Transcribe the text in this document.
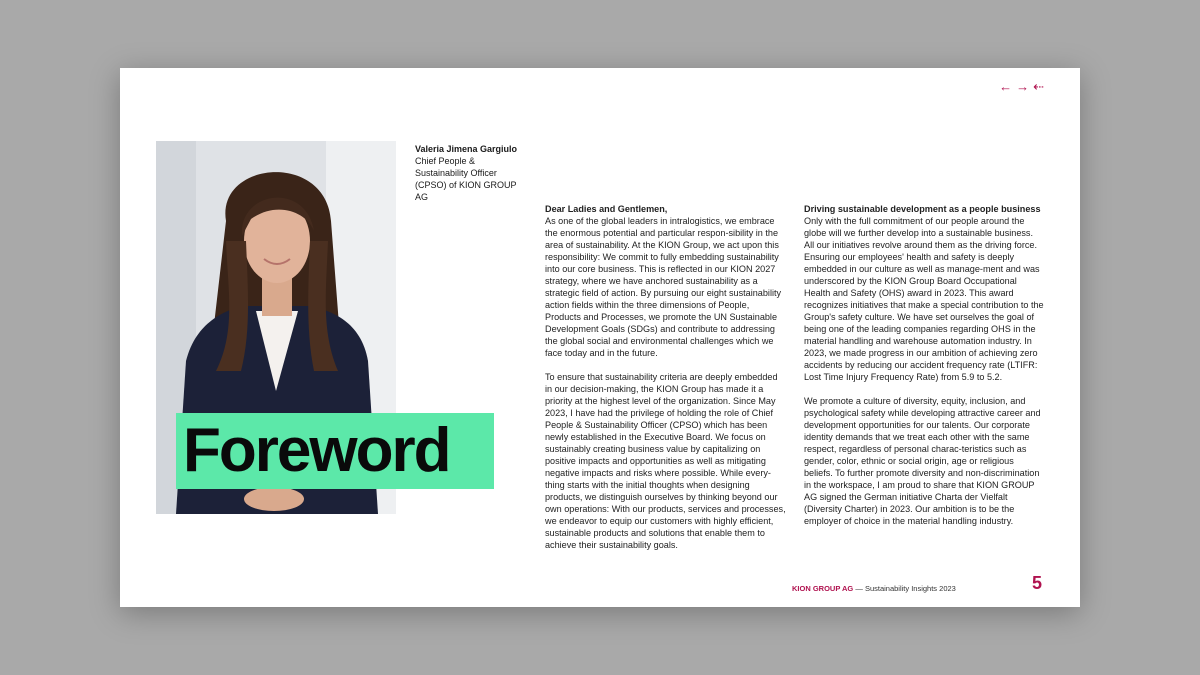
← → ⇠
Valeria Jimena Gargiulo
Chief People & Sustainability Officer (CPSO) of KION GROUP AG
Foreword

Dear Ladies and Gentlemen,
As one of the global leaders in intralogistics, we embrace the enormous potential and particular respon-sibility in the area of sustainability. At the KION Group, we act upon this responsibility: We commit to fully embedding sustainability into our core business. This is reflected in our KION 2027 strategy, where we have anchored sustainability as a strategic field of action. By pursuing our eight sustainability action fields within the three dimensions of People, Products and Processes, we promote the UN Sustainable Development Goals (SDGs) and contribute to addressing the global social and environmental challenges which we face today and in the future.

To ensure that sustainability criteria are deeply embedded in our decision-making, the KION Group has made it a priority at the highest level of the organization. Since May 2023, I have had the privilege of holding the role of Chief People & Sustainability Officer (CPSO) which has been newly established in the Executive Board. We focus on sustainably creating business value by capitalizing on positive impacts and opportunities as well as mitigating negative impacts and risks where possible. While every-thing starts with the initial thoughts when designing products, we distinguish ourselves by thinking beyond our own operations: With our products, services and processes, we endeavor to equip our customers with highly efficient, sustainable products and solutions that enable them to achieve their sustainability goals.

Driving sustainable development as a people business
Only with the full commitment of our people around the globe will we further develop into a sustainable business. All our initiatives revolve around them as the driving force. Ensuring our employees' health and safety is deeply embedded in our culture as well as manage-ment and was underscored by the KION Group Board Occupational Health and Safety (OHS) award in 2023. This award recognizes initiatives that make a special contribution to the Group's safety culture. We have set ourselves the goal of being one of the leading companies regarding OHS in the material handling and warehouse automation industry. In 2023, we made progress in our ambition of achieving zero accidents by reducing our accident frequency rate (LTIFR: Lost Time Injury Frequency Rate) from 5.9 to 5.2.

We promote a culture of diversity, equity, inclusion, and psychological safety while developing attractive career and development opportunities for our talents. Our corporate identity demands that we treat each other with the same respect, regardless of personal charac-teristics such as gender, color, ethnic or social origin, age or religious beliefs. To further promote diversity and non-discrimination in the workspace, I am proud to share that KION GROUP AG signed the German initiative Charta der Vielfalt (Diversity Charter) in 2023. Our ambition is to be the employer of choice in the material handling industry.

KION GROUP AG — Sustainability Insights 2023	5
